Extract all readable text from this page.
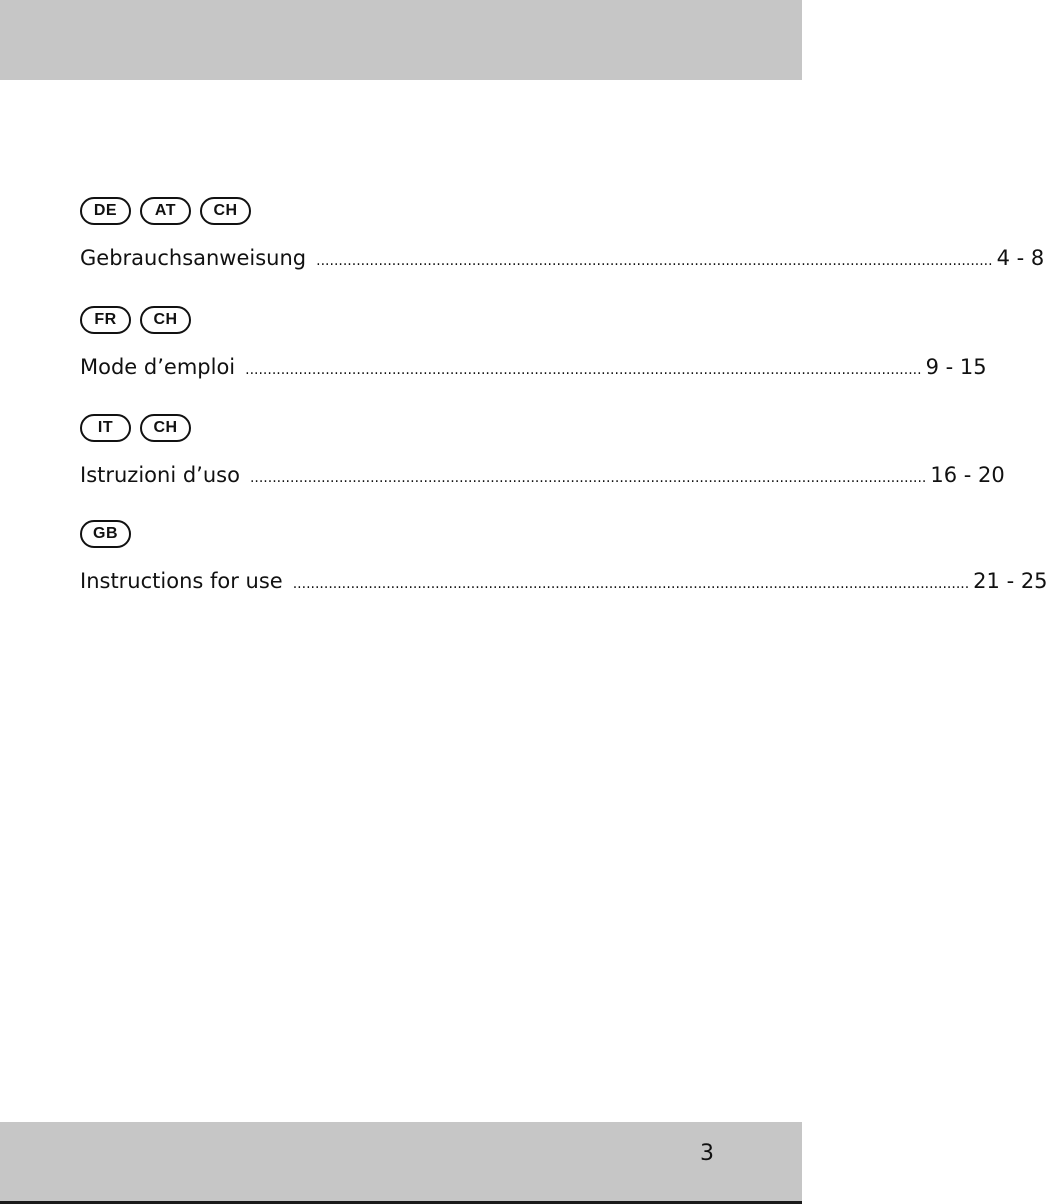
DE	AT	CH
Gebrauchsanweisung ........................................................................................................................................................ 4 - 8
FR	CH
Mode d’emploi ........................................................................................................................................................ 9 - 15
IT	CH
Istruzioni d’uso ........................................................................................................................................................ 16 - 20
GB
Instructions for use ........................................................................................................................................................ 21 - 25
3
